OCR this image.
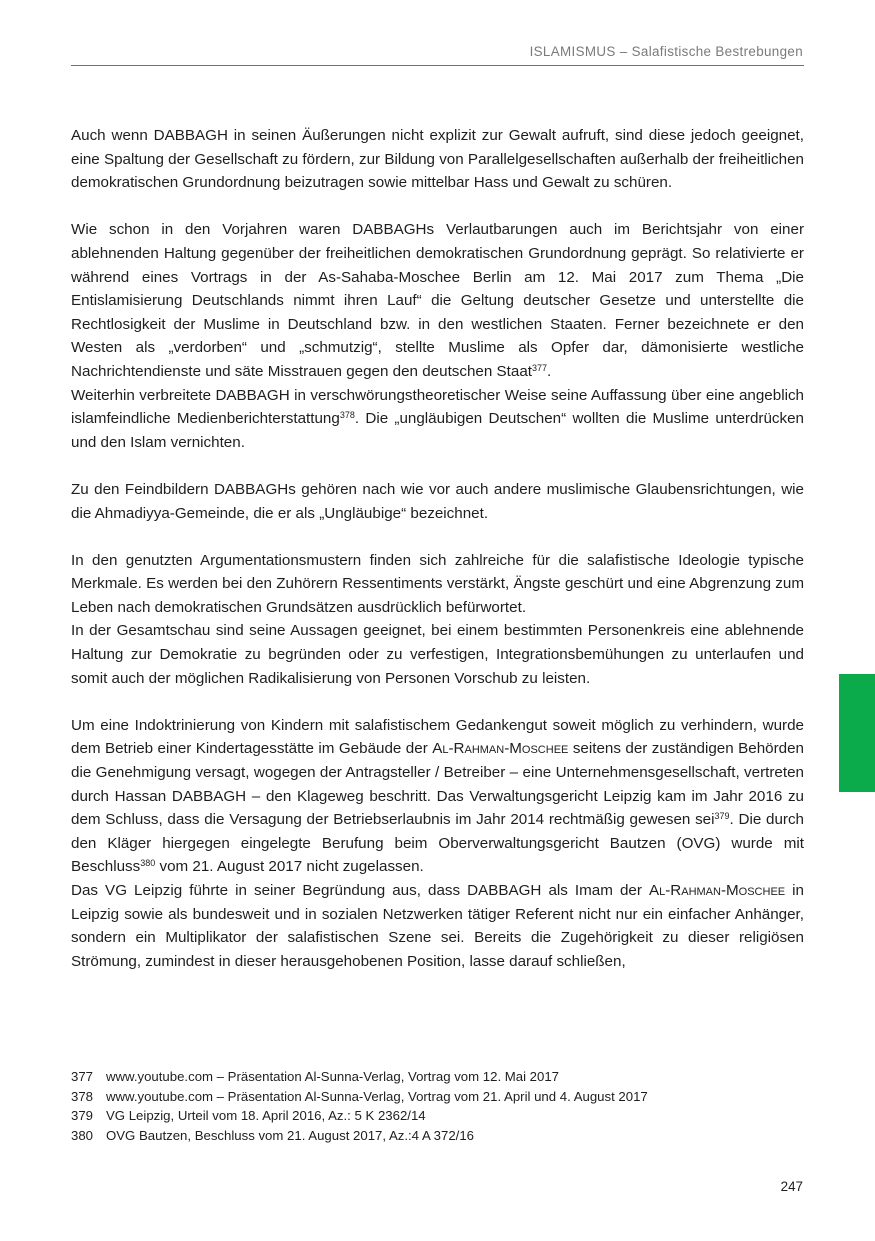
ISLAMISMUS – Salafistische Bestrebungen

Auch wenn DABBAGH in seinen Äußerungen nicht explizit zur Gewalt aufruft, sind diese jedoch geeignet, eine Spaltung der Gesellschaft zu fördern, zur Bildung von Parallelgesellschaften außerhalb der freiheitlichen demokratischen Grundordnung beizutragen sowie mittelbar Hass und Gewalt zu schüren.

Wie schon in den Vorjahren waren DABBAGHs Verlautbarungen auch im Berichtsjahr von einer ablehnenden Haltung gegenüber der freiheitlichen demokratischen Grundordnung geprägt. So relativierte er während eines Vortrags in der As-Sahaba-Moschee Berlin am 12. Mai 2017 zum Thema „Die Entislamisierung Deutschlands nimmt ihren Lauf“ die Geltung deutscher Gesetze und unterstellte die Rechtlosigkeit der Muslime in Deutschland bzw. in den westlichen Staaten. Ferner bezeichnete er den Westen als „verdorben“ und „schmutzig“, stellte Muslime als Opfer dar, dämonisierte westliche Nachrichtendienste und säte Misstrauen gegen den deutschen Staat$^{377}$.

Weiterhin verbreitete DABBAGH in verschwörungstheoretischer Weise seine Auffassung über eine angeblich islamfeindliche Medienberichterstattung$^{378}$. Die „ungläubigen Deutschen“ wollten die Muslime unterdrücken und den Islam vernichten.

Zu den Feindbildern DABBAGHs gehören nach wie vor auch andere muslimische Glaubensrichtungen, wie die Ahmadiyya-Gemeinde, die er als „Ungläubige“ bezeichnet.

In den genutzten Argumentationsmustern finden sich zahlreiche für die salafistische Ideologie typische Merkmale. Es werden bei den Zuhörern Ressentiments verstärkt, Ängste geschürt und eine Abgrenzung zum Leben nach demokratischen Grundsätzen ausdrücklich befürwortet.

In der Gesamtschau sind seine Aussagen geeignet, bei einem bestimmten Personenkreis eine ablehnende Haltung zur Demokratie zu begründen oder zu verfestigen, Integrationsbemühungen zu unterlaufen und somit auch der möglichen Radikalisierung von Personen Vorschub zu leisten.

Um eine Indoktrinierung von Kindern mit salafistischem Gedankengut soweit möglich zu verhindern, wurde dem Betrieb einer Kindertagesstätte im Gebäude der Al-Rahman-Moschee seitens der zuständigen Behörden die Genehmigung versagt, wogegen der Antragsteller / Betreiber – eine Unternehmensgesellschaft, vertreten durch Hassan DABBAGH – den Klageweg beschritt. Das Verwaltungsgericht Leipzig kam im Jahr 2016 zu dem Schluss, dass die Versagung der Betriebserlaubnis im Jahr 2014 rechtmäßig gewesen sei$^{379}$. Die durch den Kläger hiergegen eingelegte Berufung beim Oberverwaltungsgericht Bautzen (OVG) wurde mit Beschluss$^{380}$ vom 21. August 2017 nicht zugelassen.

Das VG Leipzig führte in seiner Begründung aus, dass DABBAGH als Imam der Al-Rahman-Moschee in Leipzig sowie als bundesweit und in sozialen Netzwerken tätiger Referent nicht nur ein einfacher Anhänger, sondern ein Multiplikator der salafistischen Szene sei. Bereits die Zugehörigkeit zu dieser religiösen Strömung, zumindest in dieser herausgehobenen Position, lasse darauf schließen,

377 www.youtube.com – Präsentation Al-Sunna-Verlag, Vortrag vom 12. Mai 2017
378 www.youtube.com – Präsentation Al-Sunna-Verlag, Vortrag vom 21. April und 4. August 2017
379 VG Leipzig, Urteil vom 18. April 2016, Az.: 5 K 2362/14
380 OVG Bautzen, Beschluss vom 21. August 2017, Az.:4 A 372/16
247
